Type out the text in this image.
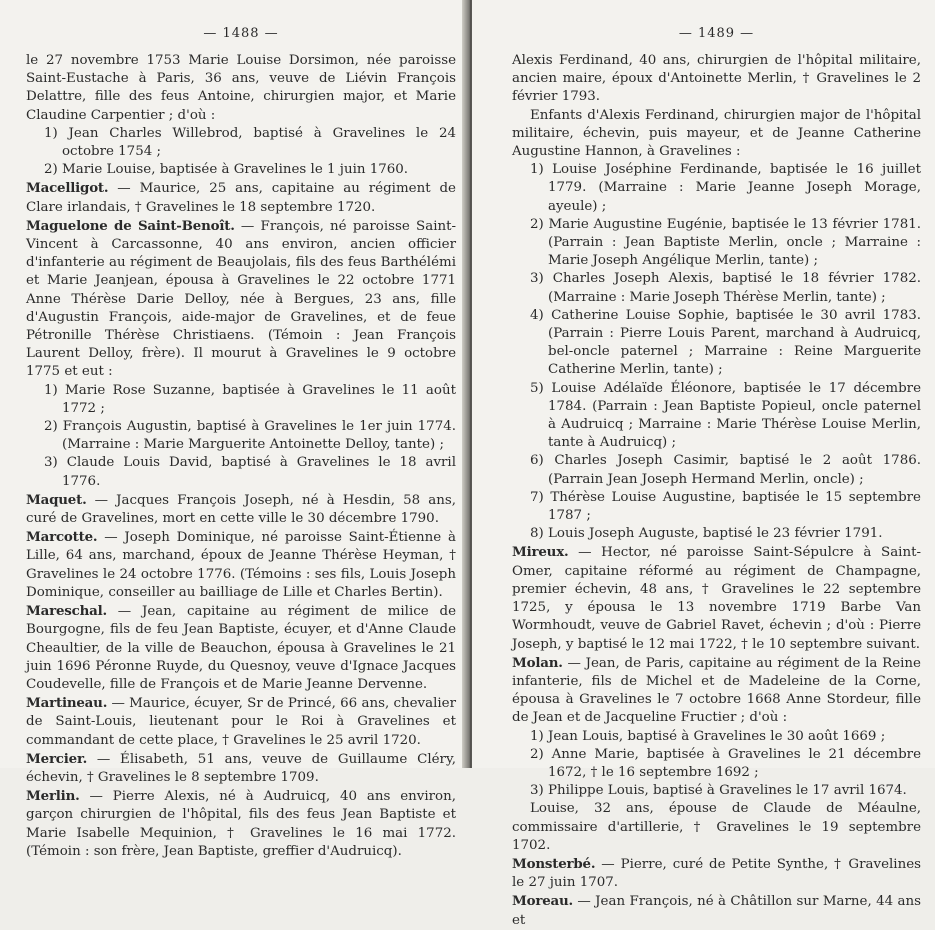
— 1488 —

le 27 novembre 1753 Marie Louise Dorsimon, née paroisse Saint-Eustache à Paris, 36 ans, veuve de Liévin François Delattre, fille des feus Antoine, chirurgien major, et Marie Claudine Carpentier ; d'où :

1) Jean Charles Willebrod, baptisé à Gravelines le 24 octobre 1754 ;

2) Marie Louise, baptisée à Gravelines le 1 juin 1760.

Macelligot. — Maurice, 25 ans, capitaine au régiment de Clare irlandais, † Gravelines le 18 septembre 1720.

Maguelone de Saint-Benoît. — François, né paroisse Saint-Vincent à Carcassonne, 40 ans environ, ancien officier d'infanterie au régiment de Beaujolais, fils des feus Barthélémi et Marie Jeanjean, épousa à Gravelines le 22 octobre 1771 Anne Thérèse Darie Delloy, née à Bergues, 23 ans, fille d'Augustin François, aide-major de Gravelines, et de feue Pétronille Thérèse Christiaens. (Témoin : Jean François Laurent Delloy, frère). Il mourut à Gravelines le 9 octobre 1775 et eut :

1) Marie Rose Suzanne, baptisée à Gravelines le 11 août 1772 ;

2) François Augustin, baptisé à Gravelines le 1er juin 1774. (Marraine : Marie Marguerite Antoinette Delloy, tante) ;

3) Claude Louis David, baptisé à Gravelines le 18 avril 1776.

Maquet. — Jacques François Joseph, né à Hesdin, 58 ans, curé de Gravelines, mort en cette ville le 30 décembre 1790.

Marcotte. — Joseph Dominique, né paroisse Saint-Étienne à Lille, 64 ans, marchand, époux de Jeanne Thérèse Heyman, † Gravelines le 24 octobre 1776. (Témoins : ses fils, Louis Joseph Dominique, conseiller au bailliage de Lille et Charles Bertin).

Mareschal. — Jean, capitaine au régiment de milice de Bourgogne, fils de feu Jean Baptiste, écuyer, et d'Anne Claude Cheaultier, de la ville de Beauchon, épousa à Gravelines le 21 juin 1696 Péronne Ruyde, du Quesnoy, veuve d'Ignace Jacques Coudevelle, fille de François et de Marie Jeanne Dervenne.

Martineau. — Maurice, écuyer, Sr de Princé, 66 ans, chevalier de Saint-Louis, lieutenant pour le Roi à Gravelines et commandant de cette place, † Gravelines le 25 avril 1720.

Mercier. — Élisabeth, 51 ans, veuve de Guillaume Cléry, échevin, † Gravelines le 8 septembre 1709.

Merlin. — Pierre Alexis, né à Audruicq, 40 ans environ, garçon chirurgien de l'hôpital, fils des feus Jean Baptiste et Marie Isabelle Mequinion, † Gravelines le 16 mai 1772. (Témoin : son frère, Jean Baptiste, greffier d'Audruicq).

— 1489 —

Alexis Ferdinand, 40 ans, chirurgien de l'hôpital militaire, ancien maire, époux d'Antoinette Merlin, † Gravelines le 2 février 1793.

Enfants d'Alexis Ferdinand, chirurgien major de l'hôpital militaire, échevin, puis mayeur, et de Jeanne Catherine Augustine Hannon, à Gravelines :

1) Louise Joséphine Ferdinande, baptisée le 16 juillet 1779. (Marraine : Marie Jeanne Joseph Morage, ayeule) ;

2) Marie Augustine Eugénie, baptisée le 13 février 1781. (Parrain : Jean Baptiste Merlin, oncle ; Marraine : Marie Joseph Angélique Merlin, tante) ;

3) Charles Joseph Alexis, baptisé le 18 février 1782. (Marraine : Marie Joseph Thérèse Merlin, tante) ;

4) Catherine Louise Sophie, baptisée le 30 avril 1783. (Parrain : Pierre Louis Parent, marchand à Audruicq, bel-oncle paternel ; Marraine : Reine Marguerite Catherine Merlin, tante) ;

5) Louise Adélaïde Éléonore, baptisée le 17 décembre 1784. (Parrain : Jean Baptiste Popieul, oncle paternel à Audruicq ; Marraine : Marie Thérèse Louise Merlin, tante à Audruicq) ;

6) Charles Joseph Casimir, baptisé le 2 août 1786. (Parrain Jean Joseph Hermand Merlin, oncle) ;

7) Thérèse Louise Augustine, baptisée le 15 septembre 1787 ;

8) Louis Joseph Auguste, baptisé le 23 février 1791.

Mireux. — Hector, né paroisse Saint-Sépulcre à Saint-Omer, capitaine réformé au régiment de Champagne, premier échevin, 48 ans, † Gravelines le 22 septembre 1725, y épousa le 13 novembre 1719 Barbe Van Wormhoudt, veuve de Gabriel Ravet, échevin ; d'où : Pierre Joseph, y baptisé le 12 mai 1722, † le 10 septembre suivant.

Molan. — Jean, de Paris, capitaine au régiment de la Reine infanterie, fils de Michel et de Madeleine de la Corne, épousa à Gravelines le 7 octobre 1668 Anne Stordeur, fille de Jean et de Jacqueline Fructier ; d'où :

1) Jean Louis, baptisé à Gravelines le 30 août 1669 ;

2) Anne Marie, baptisée à Gravelines le 21 décembre 1672, † le 16 septembre 1692 ;

3) Philippe Louis, baptisé à Gravelines le 17 avril 1674.

Louise, 32 ans, épouse de Claude de Méaulne, commissaire d'artillerie, † Gravelines le 19 septembre 1702.

Monsterbé. — Pierre, curé de Petite Synthe, † Gravelines le 27 juin 1707.

Moreau. — Jean François, né à Châtillon sur Marne, 44 ans et
